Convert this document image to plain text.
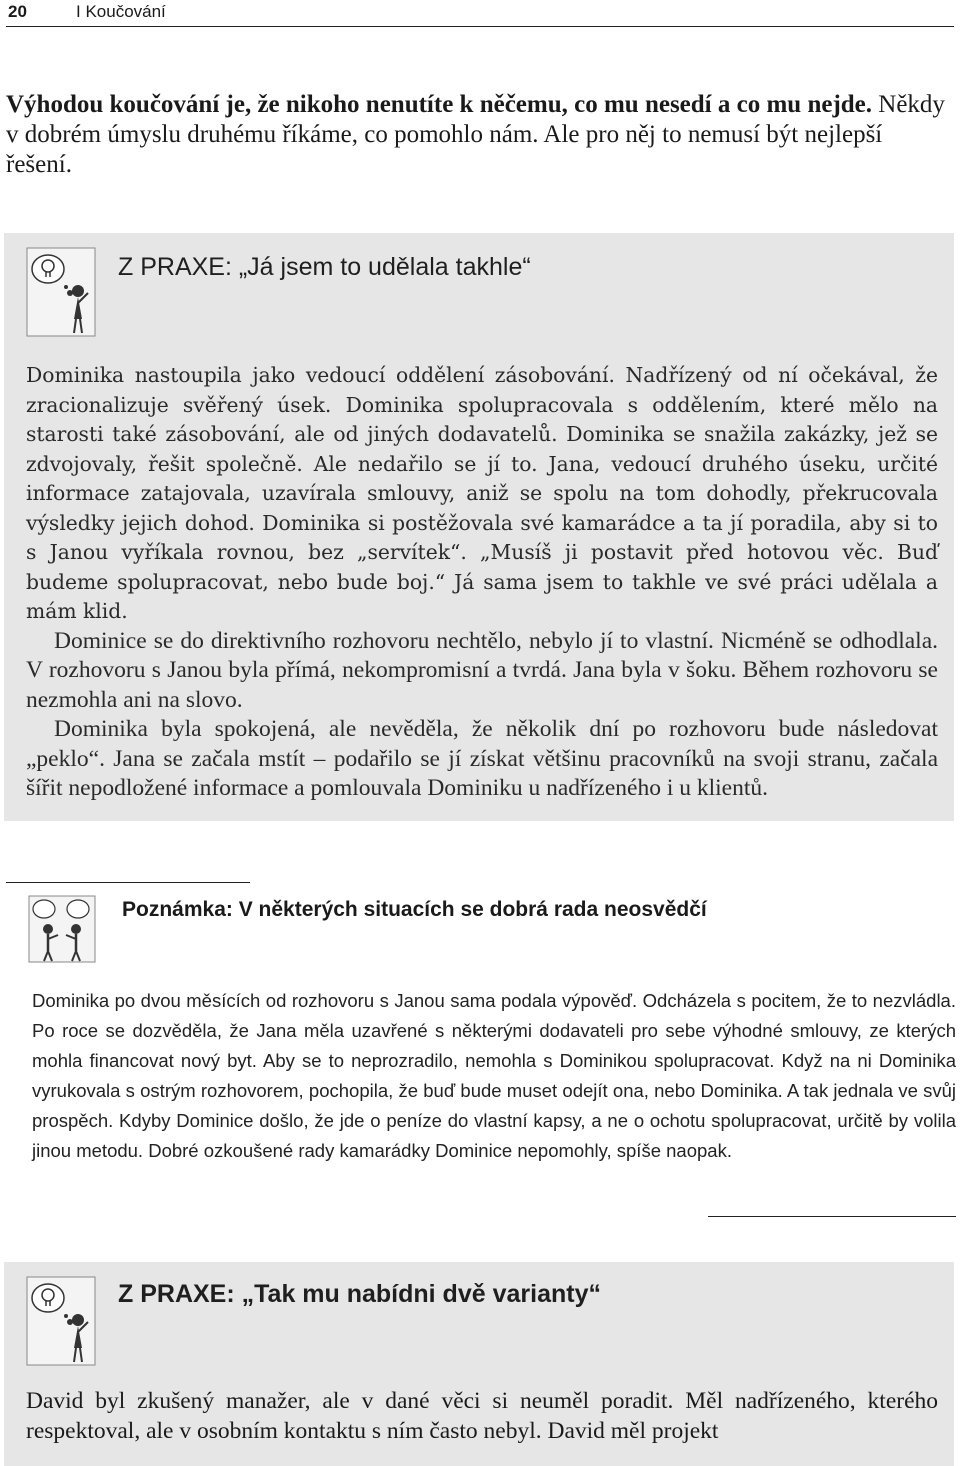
20	I Koučování

Výhodou koučování je, že nikoho nenutíte k něčemu, co mu nesedí a co mu nejde. Někdy v dobrém úmyslu druhému říkáme, co pomohlo nám. Ale pro něj to nemusí být nejlepší řešení.

Z PRAXE: „Já jsem to udělala takhle“

Dominika nastoupila jako vedoucí oddělení zásobování. Nadřízený od ní očekával, že zracionalizuje svěřený úsek. Dominika spolupracovala s oddělením, které mělo na starosti také zásobování, ale od jiných dodavatelů. Dominika se snažila zakázky, jež se zdvojovaly, řešit společně. Ale nedařilo se jí to. Jana, vedoucí druhého úseku, určité informace zatajovala, uzavírala smlouvy, aniž se spolu na tom dohodly, překrucovala výsledky jejich dohod. Dominika si postěžovala své kamarádce a ta jí poradila, aby si to s Janou vyříkala rovnou, bez „servítek“. „Musíš ji postavit před hotovou věc. Buď budeme spolupracovat, nebo bude boj.“ Já sama jsem to takhle ve své práci udělala a mám klid.

Dominice se do direktivního rozhovoru nechtělo, nebylo jí to vlastní. Nicméně se odhodlala. V rozhovoru s Janou byla přímá, nekompromisní a tvrdá. Jana byla v šoku. Během rozhovoru se nezmohla ani na slovo.

Dominika byla spokojená, ale nevěděla, že několik dní po rozhovoru bude následovat „peklo“. Jana se začala mstít – podařilo se jí získat většinu pracovníků na svoji stranu, začala šířit nepodložené informace a pomlouvala Dominiku u nadřízeného i u klientů.

Poznámka: V některých situacích se dobrá rada neosvědčí

Dominika po dvou měsících od rozhovoru s Janou sama podala výpověď. Odcházela s pocitem, že to nezvládla. Po roce se dozvěděla, že Jana měla uzavřené s některými dodavateli pro sebe výhodné smlouvy, ze kterých mohla financovat nový byt. Aby se to neprozradilo, nemohla s Dominikou spolupracovat. Když na ni Dominika vyrukovala s ostrým rozhovorem, pochopila, že buď bude muset odejít ona, nebo Dominika. A tak jednala ve svůj prospěch. Kdyby Dominice došlo, že jde o peníze do vlastní kapsy, a ne o ochotu spolupracovat, určitě by volila jinou metodu. Dobré ozkoušené rady kamarádky Dominice nepomohly, spíše naopak.

Z PRAXE: „Tak mu nabídni dvě varianty“

David byl zkušený manažer, ale v dané věci si neuměl poradit. Měl nadřízeného, kterého respektoval, ale v osobním kontaktu s ním často nebyl. David měl projekt
